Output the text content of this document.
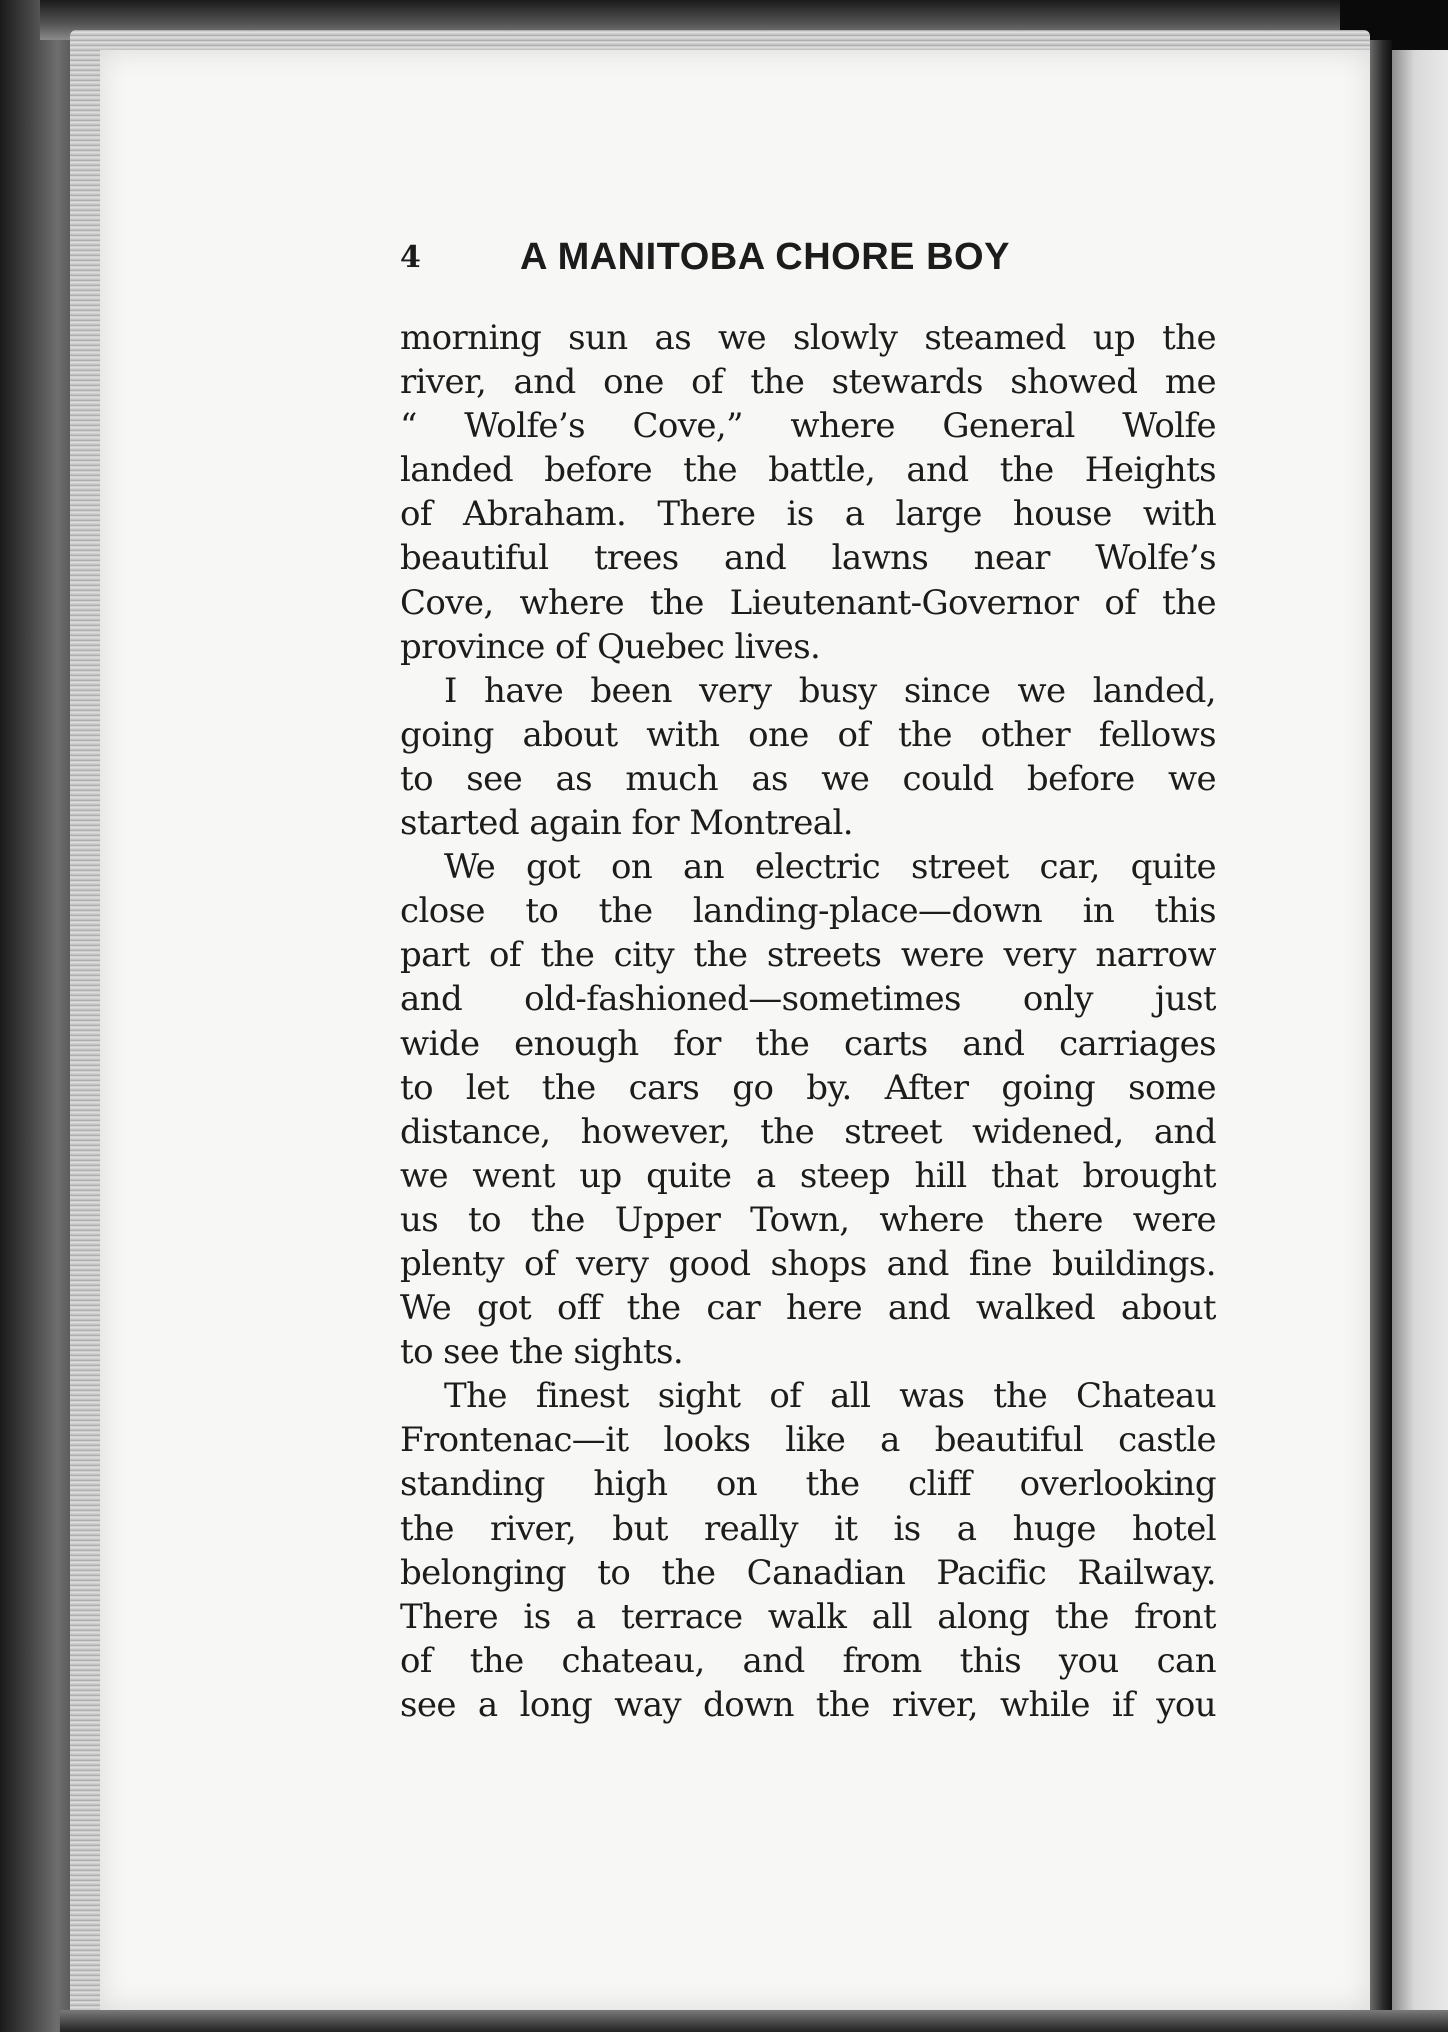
4	A MANITOBA CHORE BOY
morning sun as we slowly steamed up the
river, and one of the stewards showed me
“ Wolfe’s Cove,” where General Wolfe
landed before the battle, and the Heights
of Abraham. There is a large house with
beautiful trees and lawns near Wolfe’s
Cove, where the Lieutenant-Governor of the
province of Quebec lives.
I have been very busy since we landed,
going about with one of the other fellows
to see as much as we could before we
started again for Montreal.
We got on an electric street car, quite
close to the landing-place—down in this
part of the city the streets were very narrow
and old-fashioned—sometimes only just
wide enough for the carts and carriages
to let the cars go by. After going some
distance, however, the street widened, and
we went up quite a steep hill that brought
us to the Upper Town, where there were
plenty of very good shops and fine buildings.
We got off the car here and walked about
to see the sights.
The finest sight of all was the Chateau
Frontenac—it looks like a beautiful castle
standing high on the cliff overlooking
the river, but really it is a huge hotel
belonging to the Canadian Pacific Railway.
There is a terrace walk all along the front
of the chateau, and from this you can
see a long way down the river, while if you
